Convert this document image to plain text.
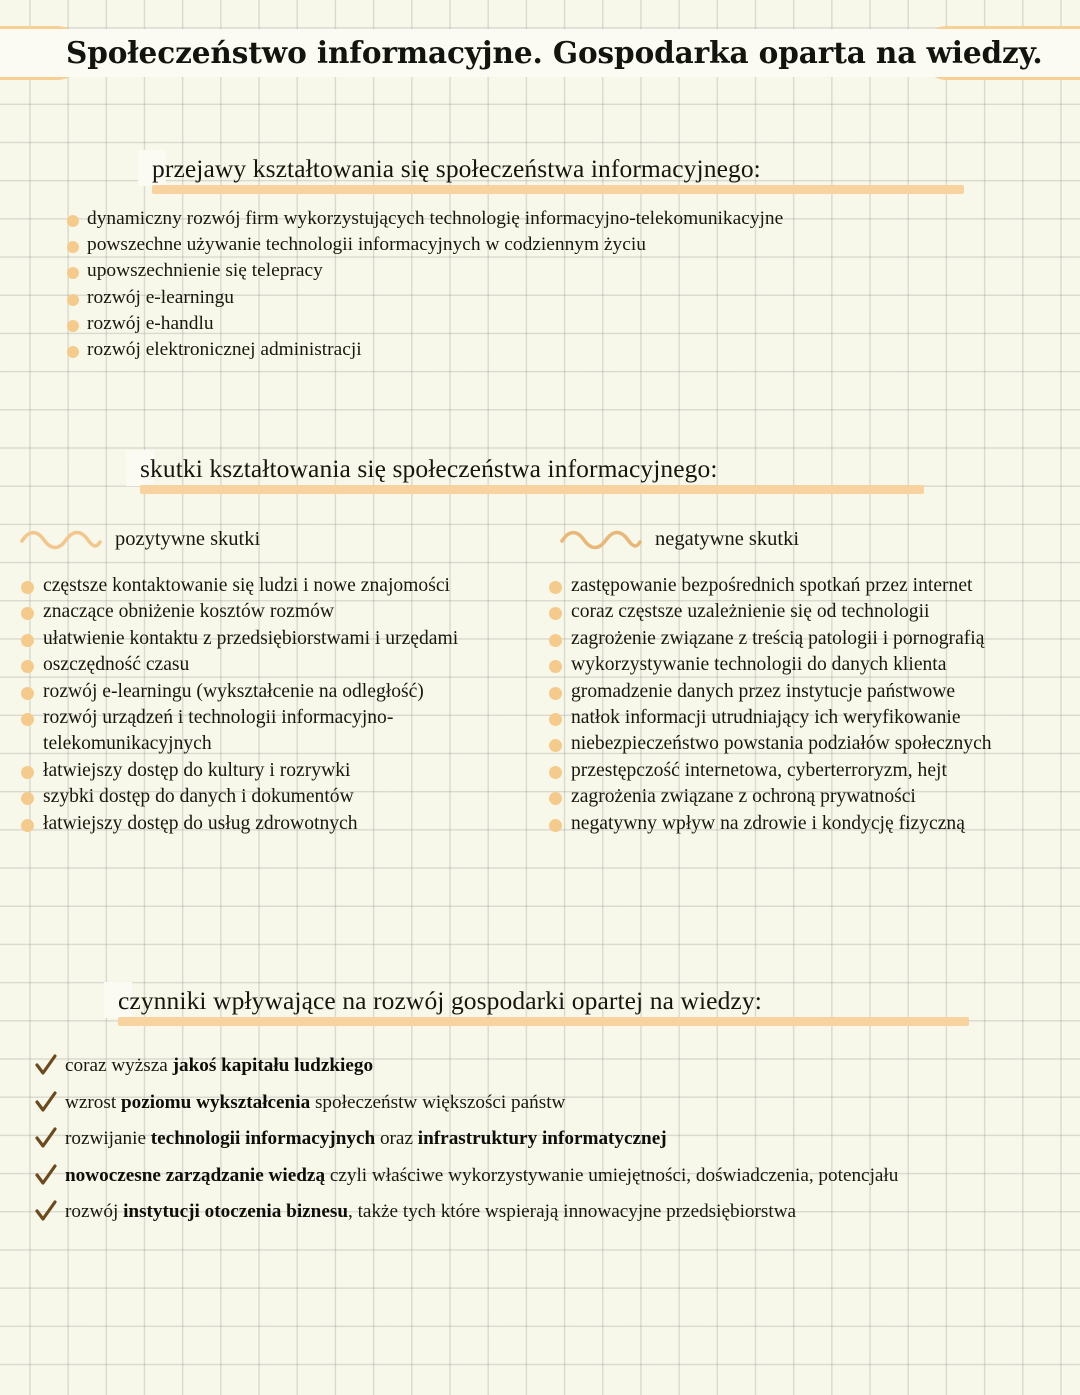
Społeczeństwo informacyjne. Gospodarka oparta na wiedzy.
przejawy kształtowania się społeczeństwa informacyjnego:
dynamiczny rozwój firm wykorzystujących technologię informacyjno-telekomunikacyjne
powszechne używanie technologii informacyjnych w codziennym życiu
upowszechnienie się telepracy
rozwój e-learningu
rozwój e-handlu
rozwój elektronicznej administracji
skutki kształtowania się społeczeństwa informacyjnego:
pozytywne skutki	negatywne skutki
częstsze kontaktowanie się ludzi i nowe znajomości
znaczące obniżenie kosztów rozmów
ułatwienie kontaktu z przedsiębiorstwami i urzędami
oszczędność czasu
rozwój e-learningu (wykształcenie na odległość)
rozwój urządzeń i technologii informacyjno-telekomunikacyjnych
łatwiejszy dostęp do kultury i rozrywki
szybki dostęp do danych i dokumentów
łatwiejszy dostęp do usług zdrowotnych
zastępowanie bezpośrednich spotkań przez internet
coraz częstsze uzależnienie się od technologii
zagrożenie związane z treścią patologii i pornografią
wykorzystywanie technologii do danych klienta
gromadzenie danych przez instytucje państwowe
natłok informacji utrudniający ich weryfikowanie
niebezpieczeństwo powstania podziałów społecznych
przestępczość internetowa, cyberterroryzm, hejt
zagrożenia związane z ochroną prywatności
negatywny wpływ na zdrowie i kondycję fizyczną
czynniki wpływające na rozwój gospodarki opartej na wiedzy:
coraz wyższa jakoś kapitału ludzkiego
wzrost poziomu wykształcenia społeczeństw większości państw
rozwijanie technologii informacyjnych oraz infrastruktury informatycznej
nowoczesne zarządzanie wiedzą czyli właściwe wykorzystywanie umiejętności, doświadczenia, potencjału
rozwój instytucji otoczenia biznesu, także tych które wspierają innowacyjne przedsiębiorstwa
